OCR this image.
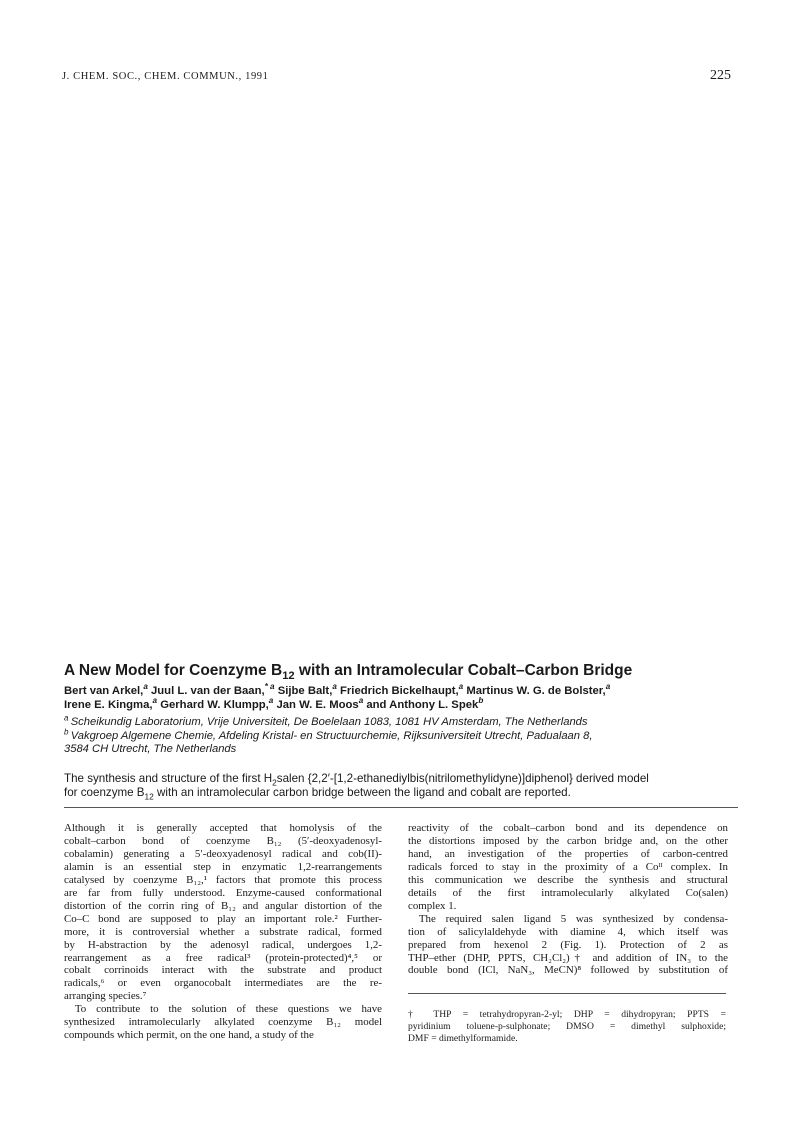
J. CHEM. SOC., CHEM. COMMUN., 1991	225
A New Model for Coenzyme $B_{12}$ with an Intramolecular Cobalt–Carbon Bridge
Bert van Arkel,$^a$ Juul L. van der Baan,$^{* a}$ Sijbe Balt,$^a$ Friedrich Bickelhaupt,$^a$ Martinus W. G. de Bolster,$^a$
Irene E. Kingma,$^a$ Gerhard W. Klumpp,$^a$ Jan W. E. Moos$^a$ and Anthony L. Spek$^b$
$^a$ Scheikundig Laboratorium, Vrije Universiteit, De Boelelaan 1083, 1081 HV Amsterdam, The Netherlands
$^b$ Vakgroep Algemene Chemie, Afdeling Kristal- en Structuurchemie, Rijksuniversiteit Utrecht, Padualaan 8,
3584 CH Utrecht, The Netherlands
The synthesis and structure of the first $H_2salen$ {2,2′-[1,2-ethanediylbis(nitrilomethylidyne)]diphenol} derived model
for coenzyme $B_{12}$ with an intramolecular carbon bridge between the ligand and cobalt are reported.
Although it is generally accepted that homolysis of the
cobalt–carbon bond of coenzyme B₁₂ (5′-deoxyadenosyl-
cobalamin) generating a 5′-deoxyadenosyl radical and cob(II)-
alamin is an essential step in enzymatic 1,2-rearrangements
catalysed by coenzyme B₁₂,¹ factors that promote this process
are far from fully understood. Enzyme-caused conformational
distortion of the corrin ring of B₁₂ and angular distortion of the
Co–C bond are supposed to play an important role.² Further-
more, it is controversial whether a substrate radical, formed
by H-abstraction by the adenosyl radical, undergoes 1,2-
rearrangement as a free radical³ (protein-protected)⁴,⁵ or
cobalt corrinoids interact with the substrate and product
radicals,⁶ or even organocobalt intermediates are the re-
arranging species.⁷
 To contribute to the solution of these questions we have
synthesized intramolecularly alkylated coenzyme B₁₂ model
compounds which permit, on the one hand, a study of the
reactivity of the cobalt–carbon bond and its dependence on
the distortions imposed by the carbon bridge and, on the other
hand, an investigation of the properties of carbon-centred
radicals forced to stay in the proximity of a Coᴵᴵ complex. In
this communication we describe the synthesis and structural
details of the first intramolecularly alkylated Co(salen)
complex 1.
 The required salen ligand 5 was synthesized by condensa-
tion of salicylaldehyde with diamine 4, which itself was
prepared from hexenol 2 (Fig. 1). Protection of 2 as
THP–ether (DHP, PPTS, CH₂Cl₂)† and addition of IN₃ to the
double bond (ICl, NaN₃, MeCN)⁸ followed by substitution of
† THP = tetrahydropyran-2-yl; DHP = dihydropyran; PPTS =
pyridinium toluene-p-sulphonate; DMSO = dimethyl sulphoxide;
DMF = dimethylformamide.
